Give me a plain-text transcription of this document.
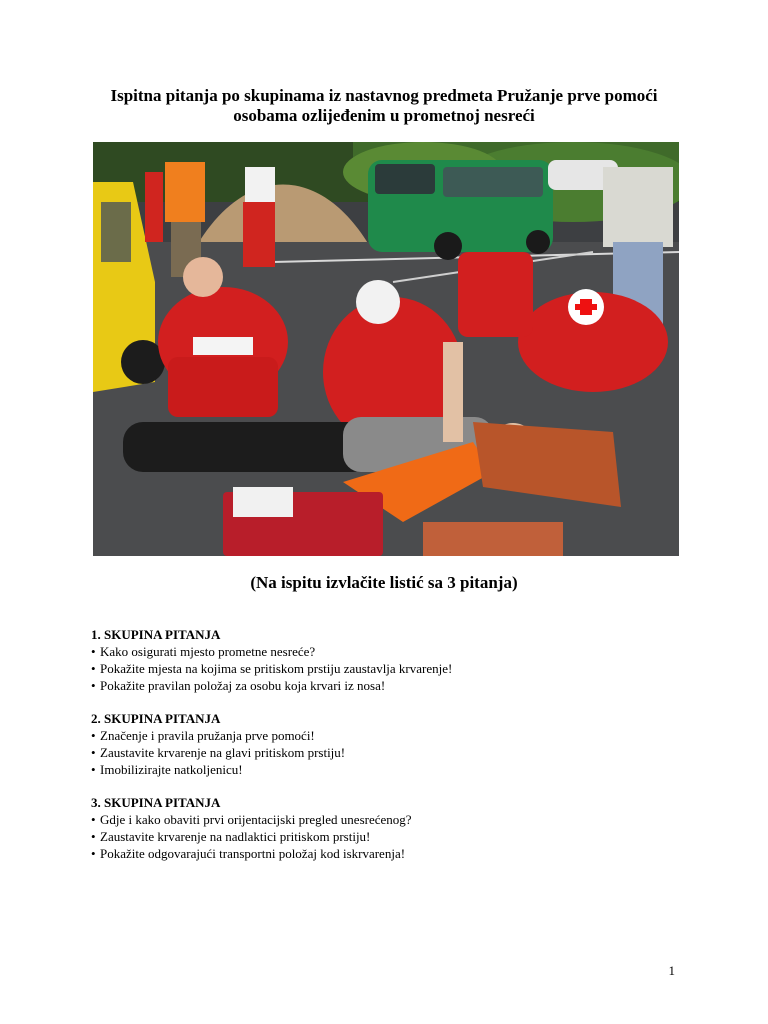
Ispitna pitanja po skupinama iz nastavnog predmeta Pružanje prve pomoći
osobama ozlijeđenim u prometnoj nesreći
(Na ispitu izvlačite listić sa 3 pitanja)
1. SKUPINA PITANJA
• Kako osigurati mjesto prometne nesreće?
• Pokažite mjesta na kojima se pritiskom prstiju zaustavlja krvarenje!
• Pokažite pravilan položaj za osobu koja krvari iz nosa!
2. SKUPINA PITANJA
• Značenje i pravila pružanja prve pomoći!
• Zaustavite krvarenje na glavi pritiskom prstiju!
• Imobilizirajte natkoljenicu!
3. SKUPINA PITANJA
• Gdje i kako obaviti prvi orijentacijski pregled unesrećenog?
• Zaustavite krvarenje na nadlaktici pritiskom prstiju!
• Pokažite odgovarajući transportni položaj kod iskrvarenja!
1
